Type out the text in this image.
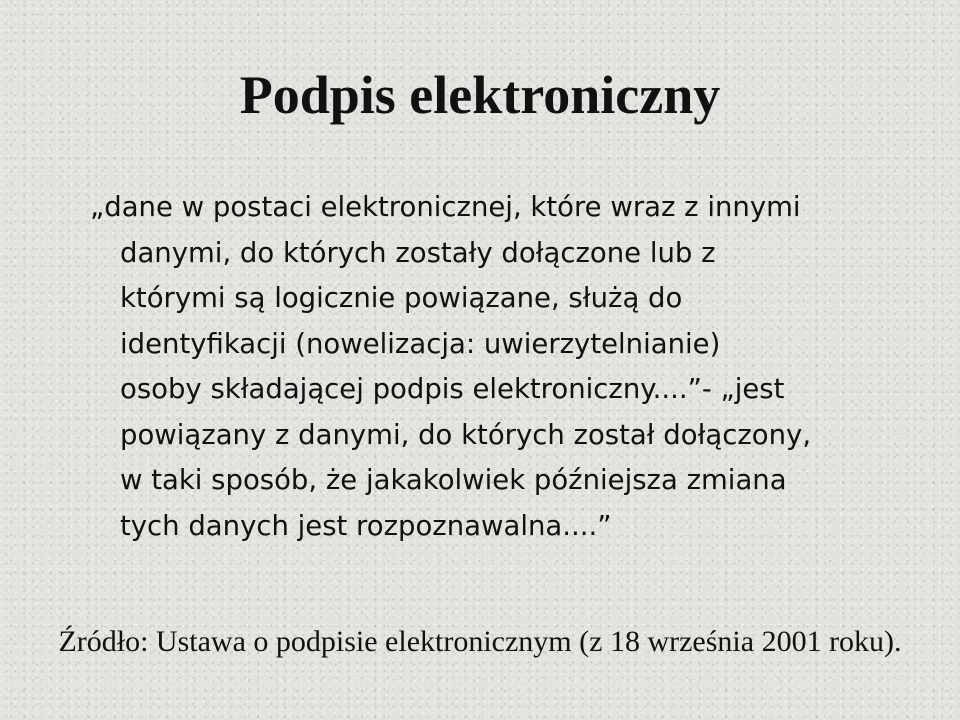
Podpis elektroniczny
„dane w postaci elektronicznej, które wraz z innymi
danymi, do których zostały dołączone lub z
którymi są logicznie powiązane, służą do
identyfikacji (nowelizacja: uwierzytelnianie)
osoby składającej podpis elektroniczny....”- „jest
powiązany z danymi, do których został dołączony,
w taki sposób, że jakakolwiek późniejsza zmiana
tych danych jest rozpoznawalna....”

Źródło: Ustawa o podpisie elektronicznym (z 18 września 2001 roku).
